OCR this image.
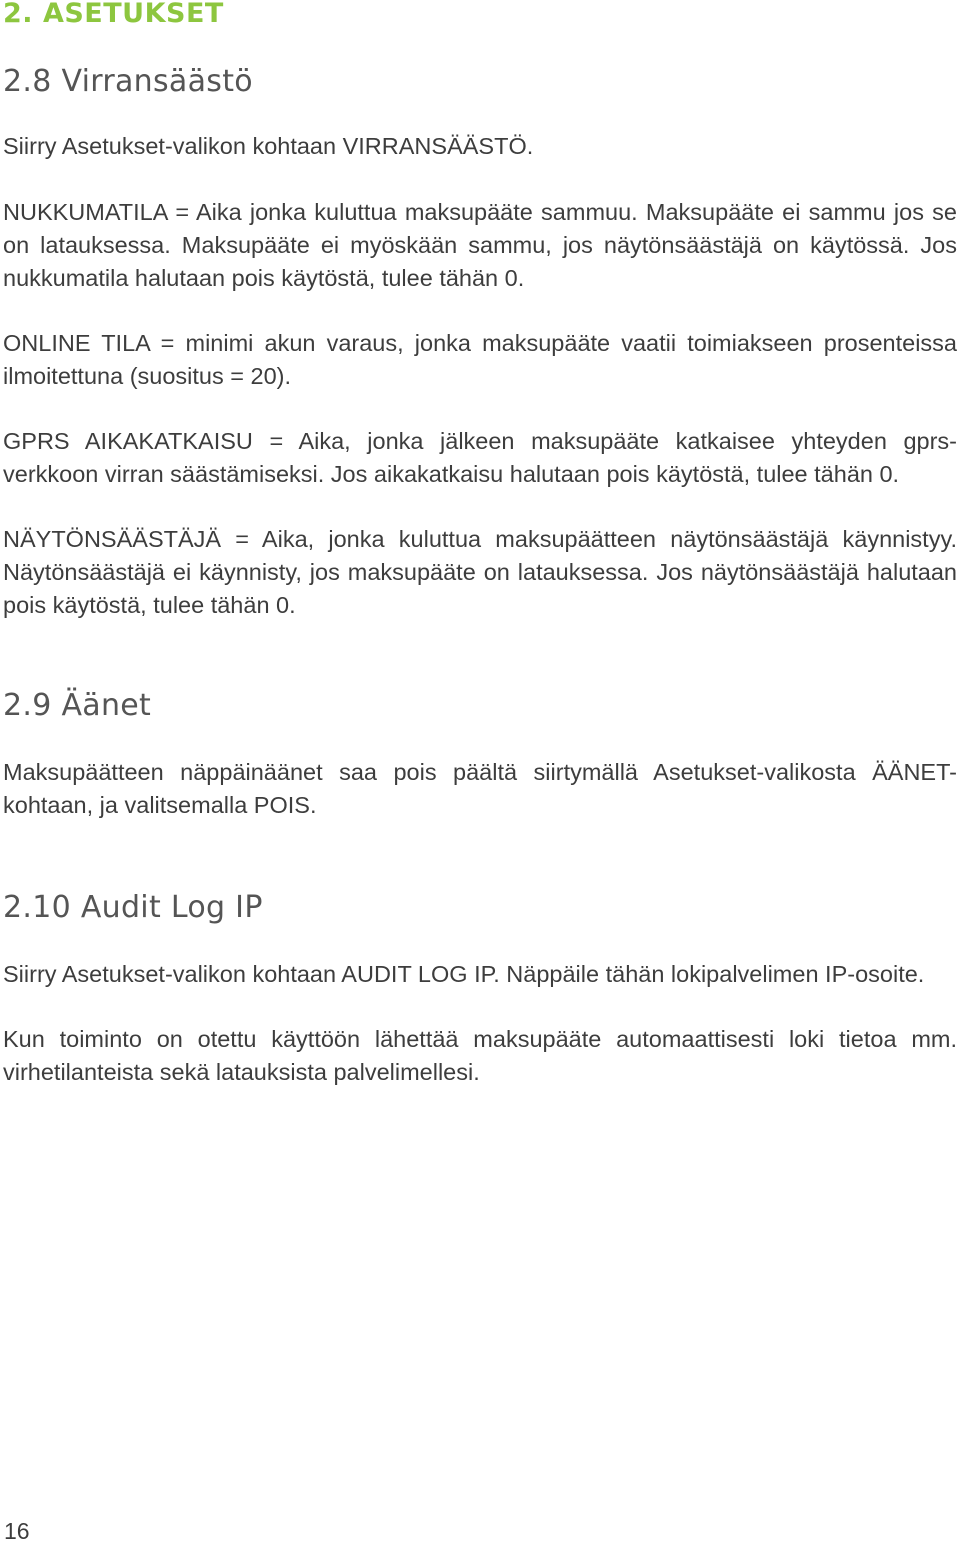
2. ASETUKSET
2.8 Virransäästö

Siirry Asetukset-valikon kohtaan VIRRANSÄÄSTÖ.

NUKKUMATILA = Aika jonka kuluttua maksupääte sammuu. Maksupääte ei sammu jos se on latauksessa. Maksupääte ei myöskään sammu, jos näytönsäästäjä on käytössä. Jos nukkumatila halutaan pois käytöstä, tulee tähän 0.

ONLINE TILA = minimi akun varaus, jonka maksupääte vaatii toimiakseen prosenteissa ilmoitettuna (suositus = 20).

GPRS AIKAKATKAISU = Aika, jonka jälkeen maksupääte katkaisee yhteyden gprs-verkkoon virran säästämiseksi. Jos aikakatkaisu halutaan pois käytöstä, tulee tähän 0.

NÄYTÖNSÄÄSTÄJÄ = Aika, jonka kuluttua maksupäätteen näytönsäästäjä käynnistyy. Näytönsäästäjä ei käynnisty, jos maksupääte on latauksessa. Jos näytönsäästäjä halutaan pois käytöstä, tulee tähän 0.

2.9 Äänet

Maksupäätteen näppäinäänet saa pois päältä siirtymällä Asetukset-valikosta ÄÄNET-kohtaan, ja valitsemalla POIS.

2.10 Audit Log IP

Siirry Asetukset-valikon kohtaan AUDIT LOG IP. Näppäile tähän lokipalvelimen IP-osoite.

Kun toiminto on otettu käyttöön lähettää maksupääte automaattisesti loki tietoa mm. virhetilanteista sekä latauksista palvelimellesi.

16
